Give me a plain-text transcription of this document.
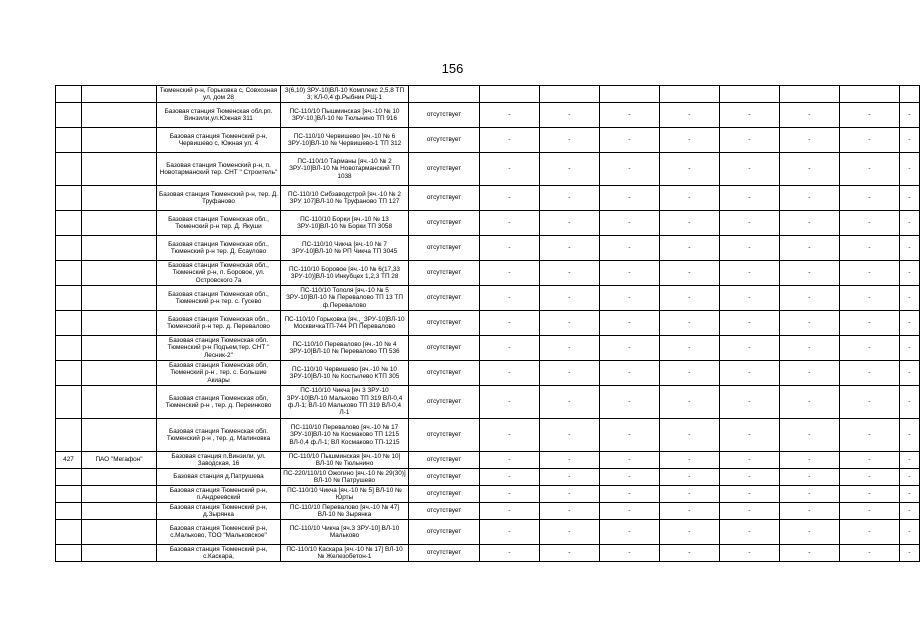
156
		Тюменский р-н, Горьковка с, Совхозная ул, дом 28	3(6,10) ЗРУ-10|ВЛ-10 Комплекс 2,5,8 ТП 3; КЛ-0,4 ф.Рыбник РЩ-1									
		Базовая станция Тюменская обл.рп. Винзили,ул.Южная 311	ПС-110/10 Пышминская [яч.-10 № 10 ЗРУ-10,]ВЛ-10 № Тюльнино ТП 916	отсутствует	-	-	-	-	-	-	-	-
		Базовая станция Тюменский р-н, Червишево с, Южная ул. 4	ПС-110/10 Червишево [яч.-10 № 6 ЗРУ-10]ВЛ-10 № Червишево-1 ТП 312	отсутствует	-	-	-	-	-	-	-	-
		Базовая станция Тюменский р-н, п. Новотарманский тер. СНТ " Строитель"	ПС-110/10 Тарманы [яч.-10 № 2 ЗРУ-10]ВЛ-10 № Новотарманский ТП 1038	отсутствует	-	-	-	-	-	-	-	-
		Базовая станция Тюменский р-н, тер. Д. Труфаново	ПС-110/10 Сибзаводстрой [яч.-10 № 2 ЗРУ 107]ВЛ-10 № Труфаново ТП 127	отсутствует	-	-	-	-	-	-	-	-
		Базовая станция Тюменская обл., Тюменский р-н тер. Д. Якуши	ПС-110/10 Борки [яч.-10 № 13 ЗРУ-10]ВЛ-10 № Борки ТП 3058	отсутствует	-	-	-	-	-	-	-	-
		Базовая станция Тюменская обл., Тюменский р-н тер. Д. Есаулово	ПС-110/10 Чикча [яч.-10 № 7 ЗРУ-10]ВЛ-10 № РП Чикча ТП 3045	отсутствует	-	-	-	-	-	-	-	-
		Базовая станция Тюменская обл., Тюменский р-н, п. Боровое, ул. Островского 7а	ПС-110/10 Боровое [яч.-10 № 6(17,33 ЗРУ-10)]ВЛ-10 Инкубцех 1,2,3 ТП 28	отсутствует	-	-	-	-	-	-	-	-
		Базовая станция Тюменская обл., Тюменский р-н тер. с. Гусево	ПС-110/10 Тополя [яч.-10 № 5 ЗРУ-10]ВЛ-10 № Перевалово ТП 13 ТП ф.Перевалово	отсутствует	-	-	-	-	-	-	-	-
		Базовая станция Тюменская обл., Тюменский р-н тер. д. Перевалово	ПС-110/10 Горьковка [яч.,_ЗРУ-10]ВЛ-10 МосквичкаТП-744 РП Перевалово	отсутствует	-	-	-	-	-	-	-	-
		Базовая станция Тюменская обл. Тюменский р-н Подъем,тер. СНТ " Лесник-2"	ПС-110/10 Перевалово [яч.-10 № 4 ЗРУ-10]ВЛ-10 № Перевалово ТП 536	отсутствует	-	-	-	-	-	-	-	-
		Базовая станция Тюменская обл, Тюменский р-н , тер. с. Большие Акиары	ПС-110/10 Червишево [яч.-10 № 10 ЗРУ-10]ВЛ-10 № Костылево КТП 305	отсутствует	-	-	-	-	-	-	-	-
		Базовая станция Тюменская обл, Тюменский р-н , тер. д. Переинково	ПС-110/10 Чикча [яч 3 ЗРУ-10 ЗРУ-10]ВЛ-10 Мальково ТП 319 ВЛ-0,4 ф.Л-1; ВЛ-10 Мальково ТП 319 ВЛ-0,4 Л-1	отсутствует	-	-	-	-	-	-	-	-
		Базовая станция Тюменская обл. Тюменский р-н , тер. д. Малиновка	ПС-110/10 Перевалово [яч.-10 № 17 ЗРУ-10]ВЛ-10 № Космаково ТП 1215 ВЛ-0,4 ф.Л-1; ВЛ Космаково ТП-1215	отсутствует	-	-	-	-	-	-	-	-
427	ПАО "Мегафон"	Базовая станция п.Винзили, ул. Заводская, 16	ПС-110/10 Пышминская [яч.-10 № 10] ВЛ-10 № Тюльнино	отсутствует	-	-	-	-	-	-	-	-
		Базовая станция д.Патрушева	ПС-220/110/10 Ожогино [яч.-10 № 29(30)] ВЛ-10 № Патрушево	отсутствует	-	-	-	-	-	-	-	-
		Базовая станция Тюменский р-н, п.Андреевский	ПС-110/10 Чикча [яч.-10 № 5] ВЛ-10 № Юрты	отсутствует	-	-	-	-	-	-	-	-
		Базовая станция Тюменский р-н, д.Зырянка	ПС-110/10 Перевалово [яч.-10 № 47] ВЛ-10 № Зырянка	отсутствует	-	-	-	-	-	-	-	-
		Базовая станция Тюменский р-н, с.Мальково, ТОО "Мальковское"	ПС-110/10 Чикча [яч.3 ЗРУ-10] ВЛ-10 Мальково	отсутствует	-	-	-	-	-	-	-	-
		Базовая станция Тюменский р-н, с.Каскара,	ПС-110/10 Каскара [яч.-10 № 17] ВЛ-10 № Железобетон-1	отсутствует	-	-	-	-	-	-	-	-
